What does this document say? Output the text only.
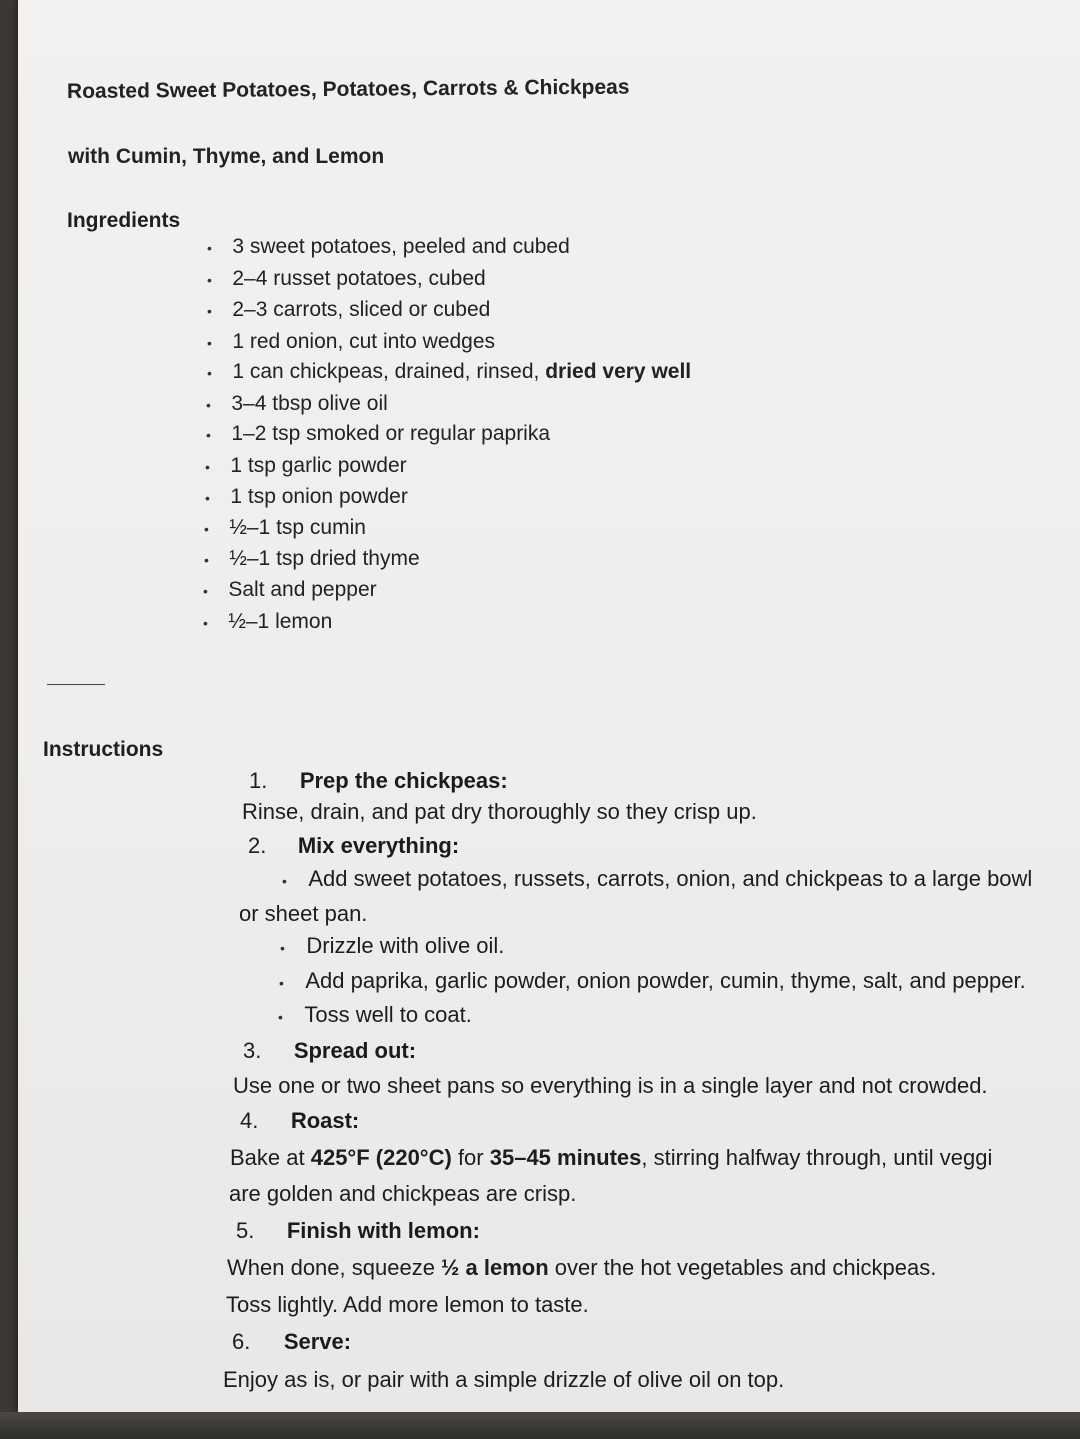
Roasted Sweet Potatoes, Potatoes, Carrots & Chickpeas
with Cumin, Thyme, and Lemon
Ingredients
• 3 sweet potatoes, peeled and cubed
• 2–4 russet potatoes, cubed
• 2–3 carrots, sliced or cubed
• 1 red onion, cut into wedges
• 1 can chickpeas, drained, rinsed, dried very well
• 3–4 tbsp olive oil
• 1–2 tsp smoked or regular paprika
• 1 tsp garlic powder
• 1 tsp onion powder
• ½–1 tsp cumin
• ½–1 tsp dried thyme
• Salt and pepper
• ½–1 lemon
Instructions
1. Prep the chickpeas:
Rinse, drain, and pat dry thoroughly so they crisp up.
2. Mix everything:
• Add sweet potatoes, russets, carrots, onion, and chickpeas to a large bowl
or sheet pan.
• Drizzle with olive oil.
• Add paprika, garlic powder, onion powder, cumin, thyme, salt, and pepper.
• Toss well to coat.
3. Spread out:
Use one or two sheet pans so everything is in a single layer and not crowded.
4. Roast:
Bake at 425°F (220°C) for 35–45 minutes, stirring halfway through, until veggi
are golden and chickpeas are crisp.
5. Finish with lemon:
When done, squeeze ½ a lemon over the hot vegetables and chickpeas.
Toss lightly. Add more lemon to taste.
6. Serve:
Enjoy as is, or pair with a simple drizzle of olive oil on top.
